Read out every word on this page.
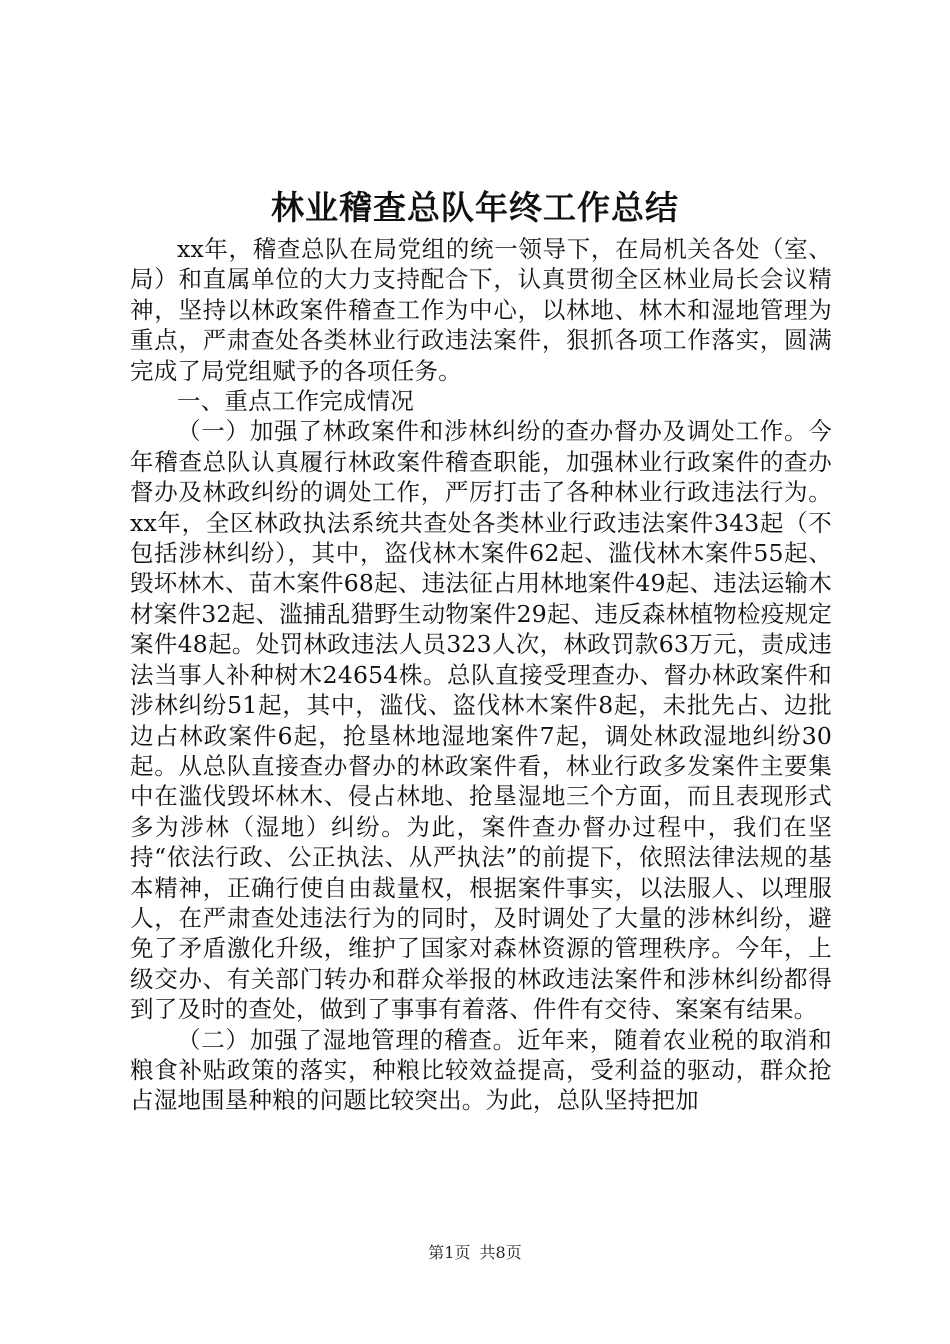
林业稽查总队年终工作总结

xx年，稽查总队在局党组的统一领导下，在局机关各处（室、局）和直属单位的大力支持配合下，认真贯彻全区林业局长会议精神，坚持以林政案件稽查工作为中心，以林地、林木和湿地管理为重点，严肃查处各类林业行政违法案件，狠抓各项工作落实，圆满完成了局党组赋予的各项任务。

一、重点工作完成情况

（一）加强了林政案件和涉林纠纷的查办督办及调处工作。今年稽查总队认真履行林政案件稽查职能，加强林业行政案件的查办督办及林政纠纷的调处工作，严厉打击了各种林业行政违法行为。xx年，全区林政执法系统共查处各类林业行政违法案件343起（不包括涉林纠纷），其中，盗伐林木案件62起、滥伐林木案件55起、毁坏林木、苗木案件68起、违法征占用林地案件49起、违法运输木材案件32起、滥捕乱猎野生动物案件29起、违反森林植物检疫规定案件48起。处罚林政违法人员323人次，林政罚款63万元，责成违法当事人补种树木24654株。总队直接受理查办、督办林政案件和涉林纠纷51起，其中，滥伐、盗伐林木案件8起，未批先占、边批边占林政案件6起，抢垦林地湿地案件7起，调处林政湿地纠纷30起。从总队直接查办督办的林政案件看，林业行政多发案件主要集中在滥伐毁坏林木、侵占林地、抢垦湿地三个方面，而且表现形式多为涉林（湿地）纠纷。为此，案件查办督办过程中，我们在坚持“依法行政、公正执法、从严执法”的前提下，依照法律法规的基本精神，正确行使自由裁量权，根据案件事实，以法服人、以理服人，在严肃查处违法行为的同时，及时调处了大量的涉林纠纷，避免了矛盾激化升级，维护了国家对森林资源的管理秩序。今年，上级交办、有关部门转办和群众举报的林政违法案件和涉林纠纷都得到了及时的查处，做到了事事有着落、件件有交待、案案有结果。

（二）加强了湿地管理的稽查。近年来，随着农业税的取消和粮食补贴政策的落实，种粮比较效益提高，受利益的驱动，群众抢占湿地围垦种粮的问题比较突出。为此，总队坚持把加

第1页 共8页
